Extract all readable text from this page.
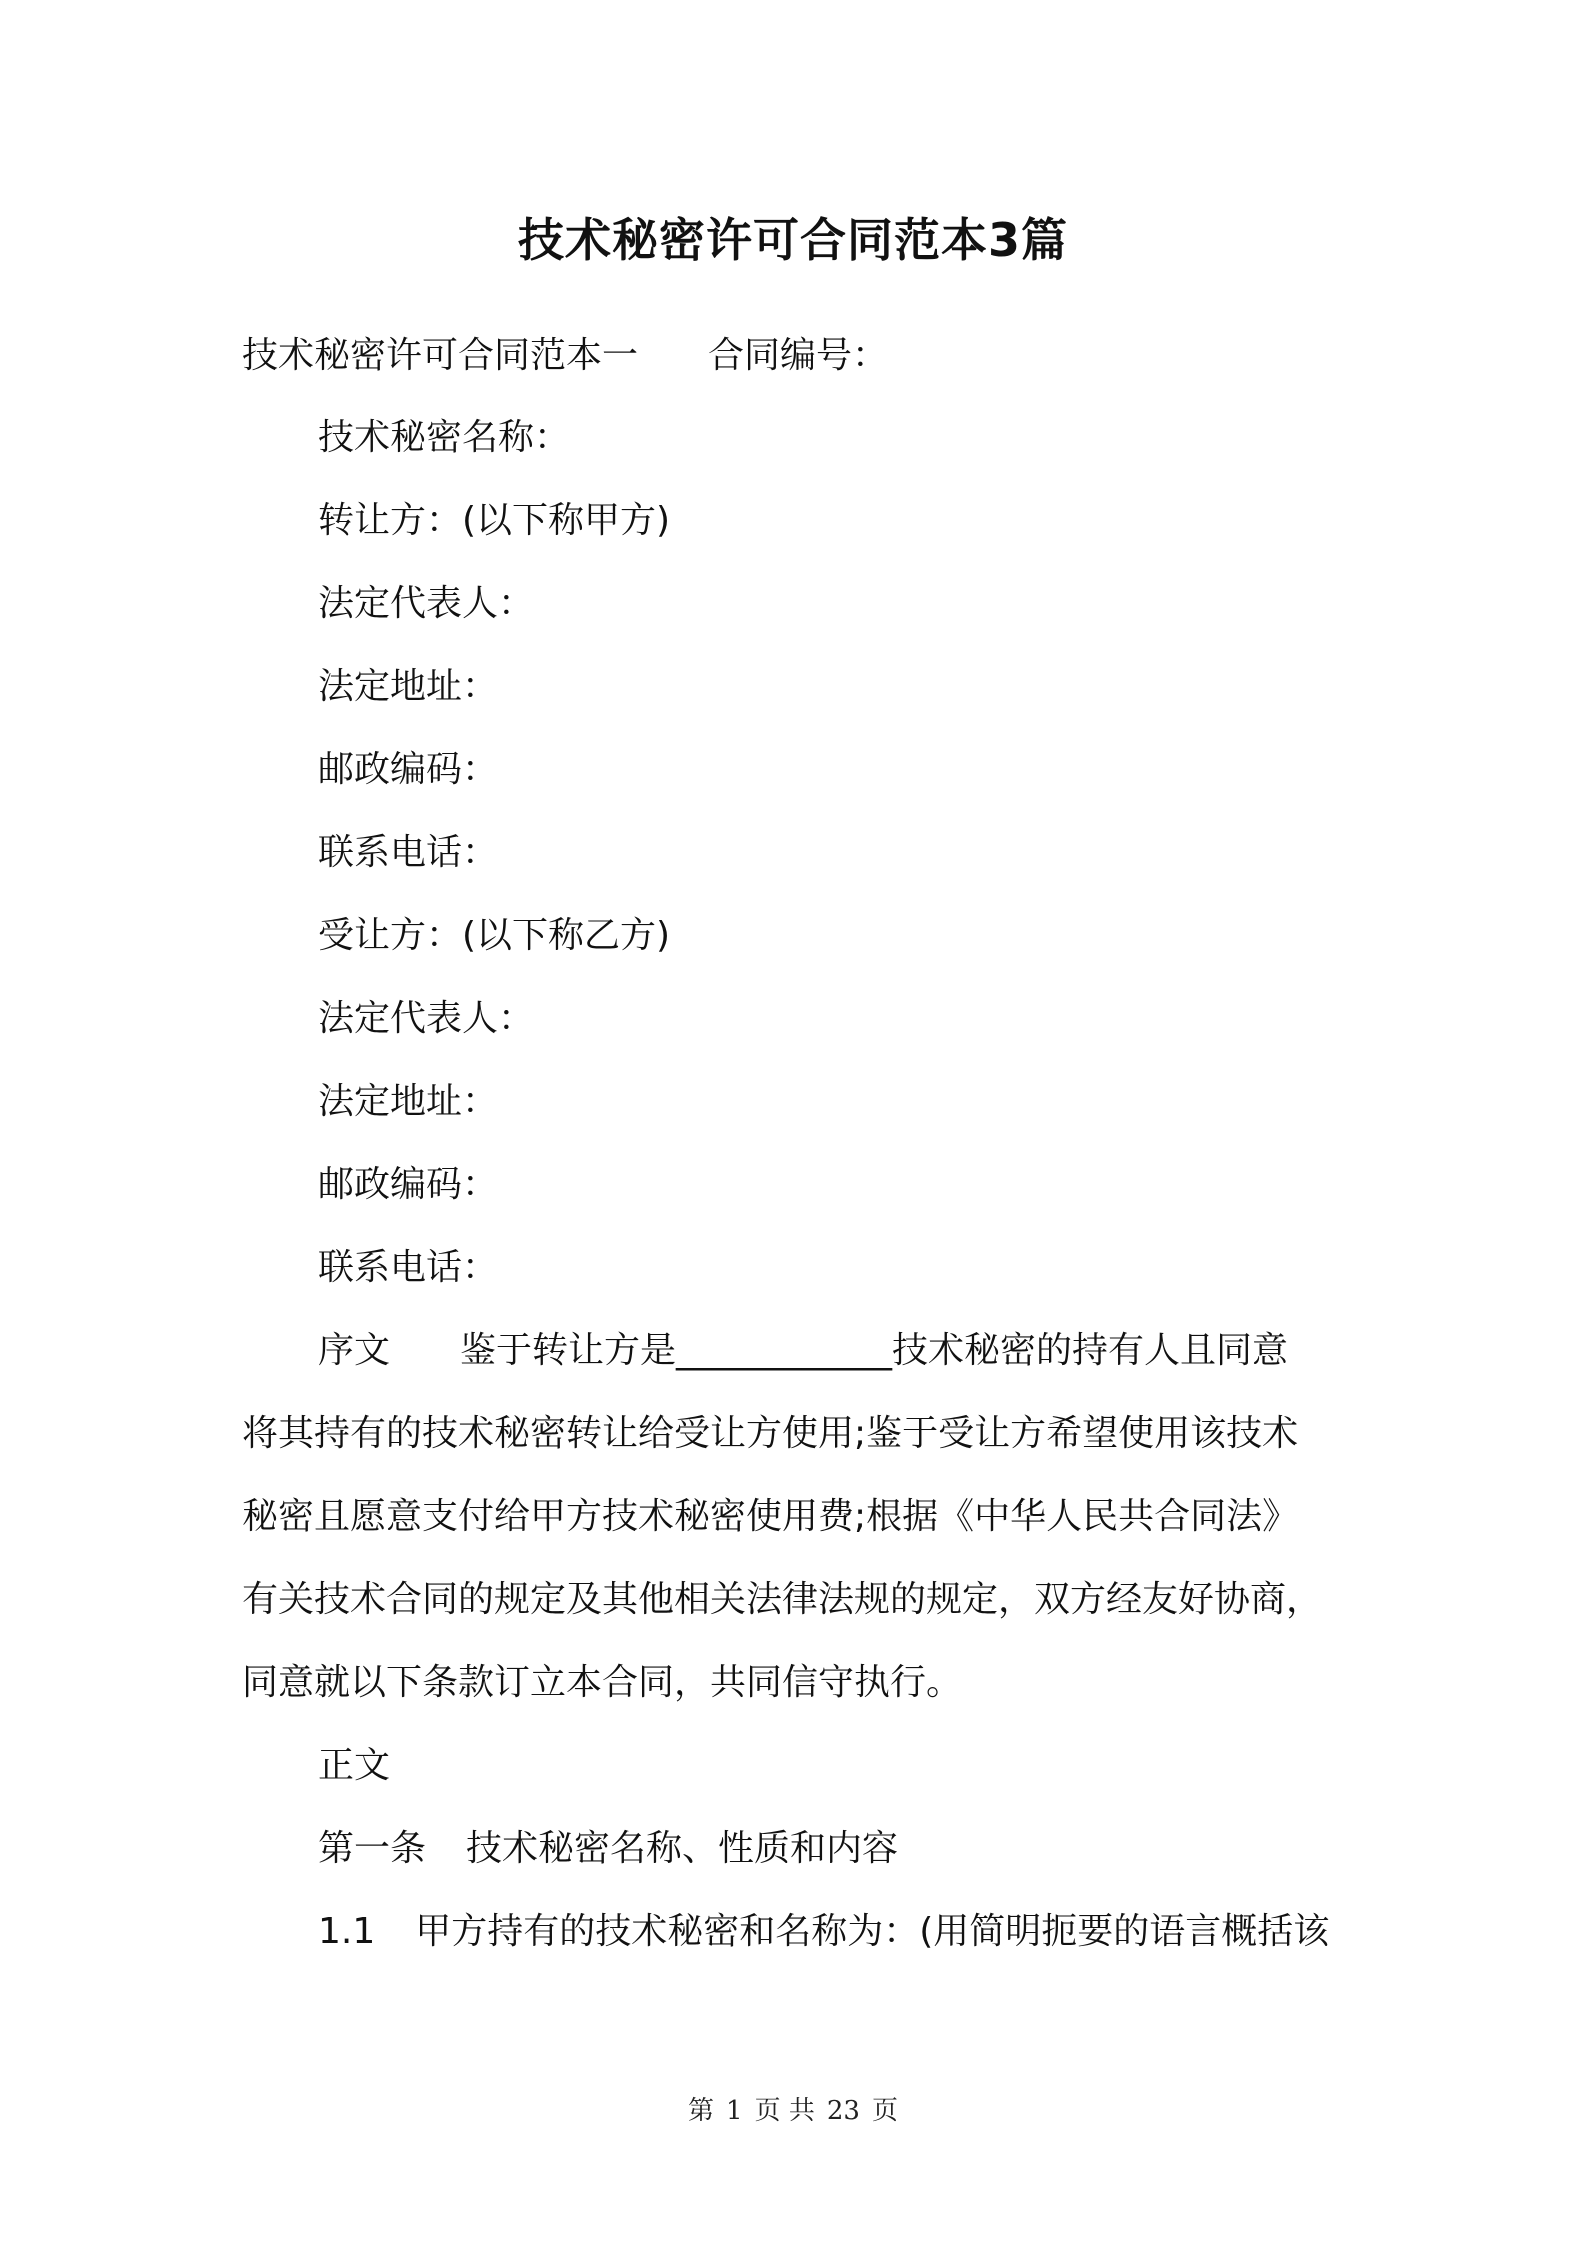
技术秘密许可合同范本3篇
技术秘密许可合同范本一 合同编号：
技术秘密名称：
转让方：(以下称甲方)
法定代表人：
法定地址：
邮政编码：
联系电话：
受让方：(以下称乙方)
法定代表人：
法定地址：
邮政编码：
联系电话：
序文 鉴于转让方是____________技术秘密的持有人且同意
将其持有的技术秘密转让给受让方使用;鉴于受让方希望使用该技术
秘密且愿意支付给甲方技术秘密使用费;根据《中华人民共合同法》
有关技术合同的规定及其他相关法律法规的规定，双方经友好协商，
同意就以下条款订立本合同，共同信守执行。
正文
第一条 技术秘密名称、性质和内容
1.1 甲方持有的技术秘密和名称为：(用简明扼要的语言概括该
第 1 页 共 23 页
